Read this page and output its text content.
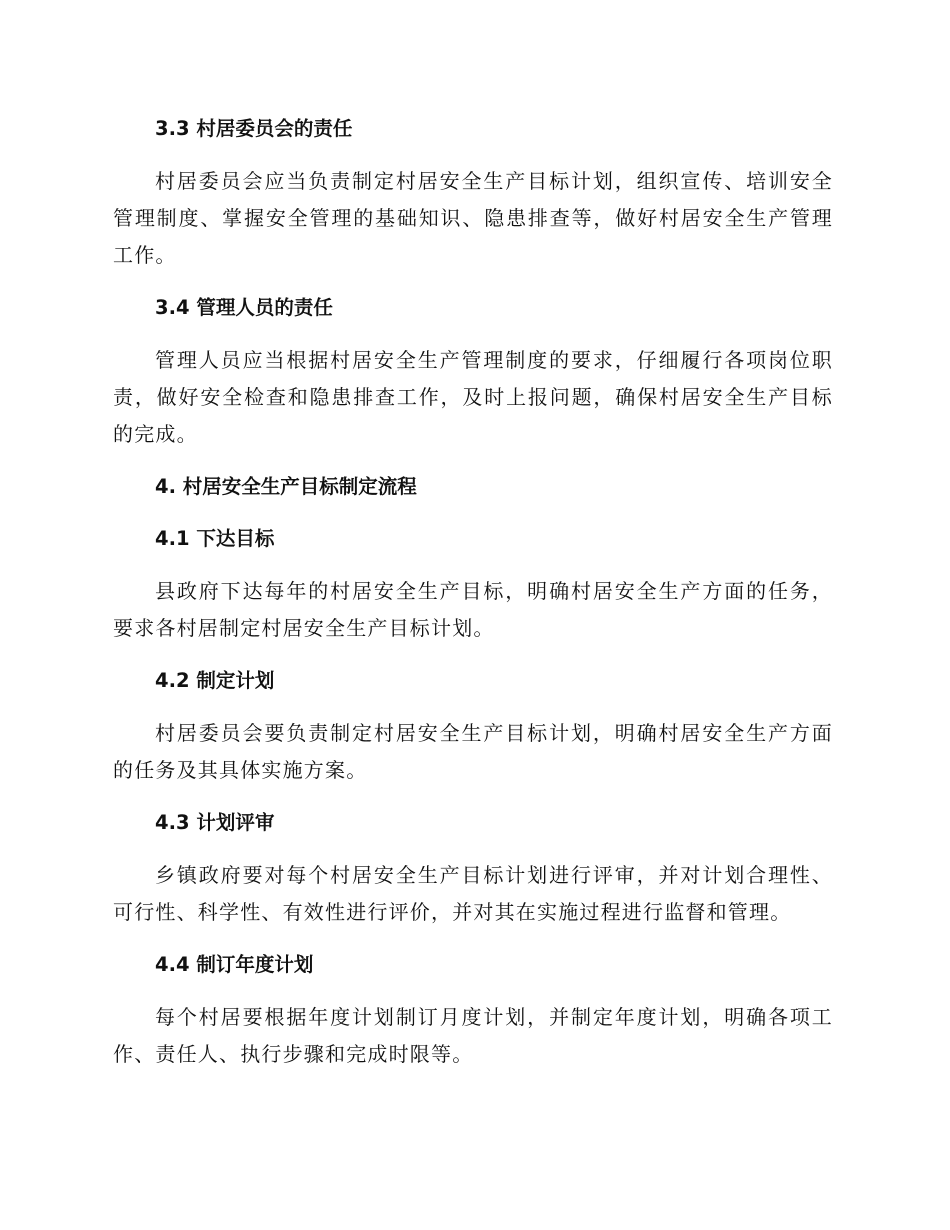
3.3 村居委员会的责任

村居委员会应当负责制定村居安全生产目标计划，组织宣传、培训安全管理制度、掌握安全管理的基础知识、隐患排查等，做好村居安全生产管理工作。

3.4 管理人员的责任

管理人员应当根据村居安全生产管理制度的要求，仔细履行各项岗位职责，做好安全检查和隐患排查工作，及时上报问题，确保村居安全生产目标的完成。

4. 村居安全生产目标制定流程
4.1 下达目标

县政府下达每年的村居安全生产目标，明确村居安全生产方面的任务，要求各村居制定村居安全生产目标计划。

4.2 制定计划

村居委员会要负责制定村居安全生产目标计划，明确村居安全生产方面的任务及其具体实施方案。

4.3 计划评审

乡镇政府要对每个村居安全生产目标计划进行评审，并对计划合理性、可行性、科学性、有效性进行评价，并对其在实施过程进行监督和管理。

4.4 制订年度计划

每个村居要根据年度计划制订月度计划，并制定年度计划，明确各项工作、责任人、执行步骤和完成时限等。
